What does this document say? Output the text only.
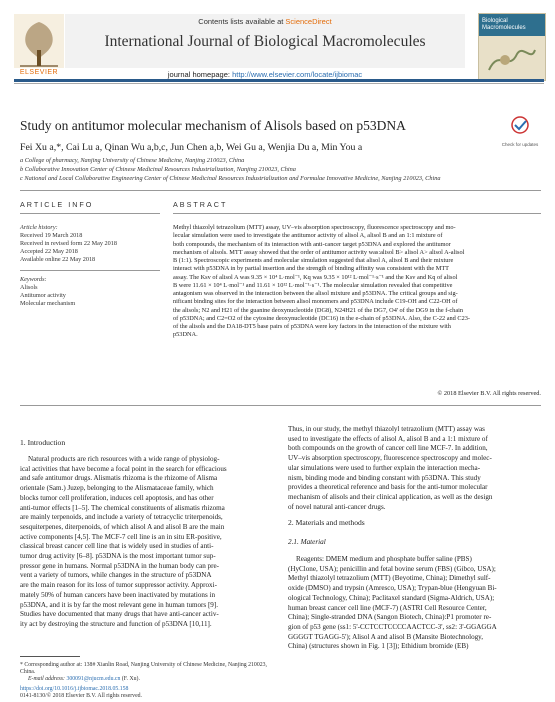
ELSEVIER
Contents lists available at ScienceDirect
International Journal of Biological Macromolecules
journal homepage: http://www.elsevier.com/locate/ijbiomac
Biological Macromolecules
Study on antitumor molecular mechanism of Alisols based on p53DNA
Check for updates
Fei Xu a,*, Cai Lu a, Qinan Wu a,b,c, Jun Chen a,b, Wei Gu a, Wenjia Du a, Min You a
a College of pharmacy, Nanjing University of Chinese Medicine, Nanjing 210023, China
b Collaborative Innovation Center of Chinese Medicinal Resources Industrialization, Nanjing 210023, China
c National and Local Collaborative Engineering Center of Chinese Medicinal Resources Industrialization and Formulae Innovative Medicine, Nanjing 210023, China
ARTICLE INFO	ABSTRACT
Article history:
Received 19 March 2018
Received in revised form 22 May 2018
Accepted 22 May 2018
Available online 22 May 2018
Keywords:
Alisols
Antitumor activity
Molecular mechanism
Methyl thiazolyl tetrazolium (MTT) assay, UV–vis absorption spectroscopy, fluorescence spectroscopy and mo-
lecular simulation were used to investigate the antitumor activity of alisol A, alisol B and an 1:1 mixture of
both compounds, the mechanism of its interaction with anti-cancer target p53DNA and explored the antitumor
mechanism of alisols. MTT assay showed that the order of antitumor activity was:alisol B> alisol A> alisol A-alisol
B (1:1). Spectroscopic experiments and molecular simulation suggested that alisol A, alisol B and their mixture
interact with p53DNA in by partial insertion and the strength of binding affinity was consistent with the MTT
assay. The Ksv of alisol A was 9.35 × 10⁴ L·mol⁻¹, Kq was 9.35 × 10¹² L·mol⁻¹·s⁻¹ and the Ksv and Kq of alisol
B were 11.61 × 10⁴ L·mol⁻¹ and 11.61 × 10¹² L·mol⁻¹·s⁻¹. The molecular simulation revealed that competitive
antagonism was observed in the interaction between the alisol mixture and p53DNA. The critical groups and sig-
nificant binding sites for the interaction between alisol monomers and p53DNA include C19-OH and C22-OH of
the alisols; N2 and H21 of the guanine deoxynucleotide (DG8), N24H21 of the DG7, O4' of the DG9 in the f-chain
of p53DNA; and C2=O2 of the cytosine deoxynucleotide (DC16) in the e-chain of p53DNA. Also, the C-22 and C23-
of the alisols and the DA18-DT5 base pairs of p53DNA were key factors in the interaction of the mixture with
p53DNA.
© 2018 Elsevier B.V. All rights reserved.
1. Introduction
Natural products are rich resources with a wide range of physiolog-
ical activities that have become a focal point in the search for efficacious
and safe antitumor drugs. Alismatis rhizoma is the rhizome of Alisma
orientale (Sam.) Juzep, belonging to the Alismataceae family, which
blocks tumor cell proliferation, induces cell apoptosis, and has other
anti-tumor effects [1–5]. The chemical constituents of alismatis rhizoma
are mainly terpenoids, and include a variety of tetracyclic triterpenoids,
sesquiterpenes, diterpenoids, of which alisol A and alisol B are the main
active components [4,5]. The MCF-7 cell line is an in situ ER-positive,
classical breast cancer cell line that is widely used in studies of anti-
tumor drug activity [6–8]. p53DNA is the most important tumor sup-
pressor gene in humans. Normal p53DNA in the human body can pre-
vent a variety of tumors, while changes in the structure of p53DNA
are the main reason for its loss of tumor suppressor activity. Approxi-
mately 50% of human cancers have been inactivated by mutations in
p53DNA, and it is by far the most relevant gene in human tumors [9].
Studies have documented that many drugs that have anti-cancer activ-
ity act by destroying the structure and function of p53DNA [10,11].
Thus, in our study, the methyl thiazolyl tetrazolium (MTT) assay was
used to investigate the effects of alisol A, alisol B and a 1:1 mixture of
both compounds on the growth of cancer cell line MCF-7. In addition,
UV–vis absorption spectroscopy, fluorescence spectroscopy and molec-
ular simulations were used to further explain the interaction mecha-
nism, binding mode and binding constant with p53DNA. This study
provides a theoretical reference and basis for the anti-tumor molecular
mechanism of alisols and their clinical application, as well as the design
of novel natural anti-cancer drugs.
2. Materials and methods
2.1. Material
Reagents: DMEM medium and phosphate buffer saline (PBS)
(HyClone, USA); penicillin and fetal bovine serum (FBS) (Gibco, USA);
Methyl thiazolyl tetrazolium (MTT) (Beyotime, China); Dimethyl sulf-
oxide (DMSO) and trypsin (Amresco, USA); Trypan-blue (Hengyuan Bi-
ological Technology, China); Paclitaxel standard (Sigma-Aldrich, USA);
human breast cancer cell line (MCF-7) (ASTRI Cell Resource Center,
China); Single-stranded DNA (Sangon Biotech, China):P1 promoter re-
gion of p53 gene (ss1: 5'-CCTCCTCCCCAACTCC-3', ss2: 3'-GGAGGA
GGGGT TGAGG-5'); Alisol A and alisol B (Mansite Biotechnology,
China) (structures shown in Fig. 1 [3]); Ethidium bromide (EB)
* Corresponding author at: 138# Xianlin Road, Nanjing University of Chinese Medicine, Nanjing 210023, China.
E-mail address: 300091@njucm.edu.cn (F. Xu).
https://doi.org/10.1016/j.ijbiomac.2018.05.158
0141-8130/© 2018 Elsevier B.V. All rights reserved.
